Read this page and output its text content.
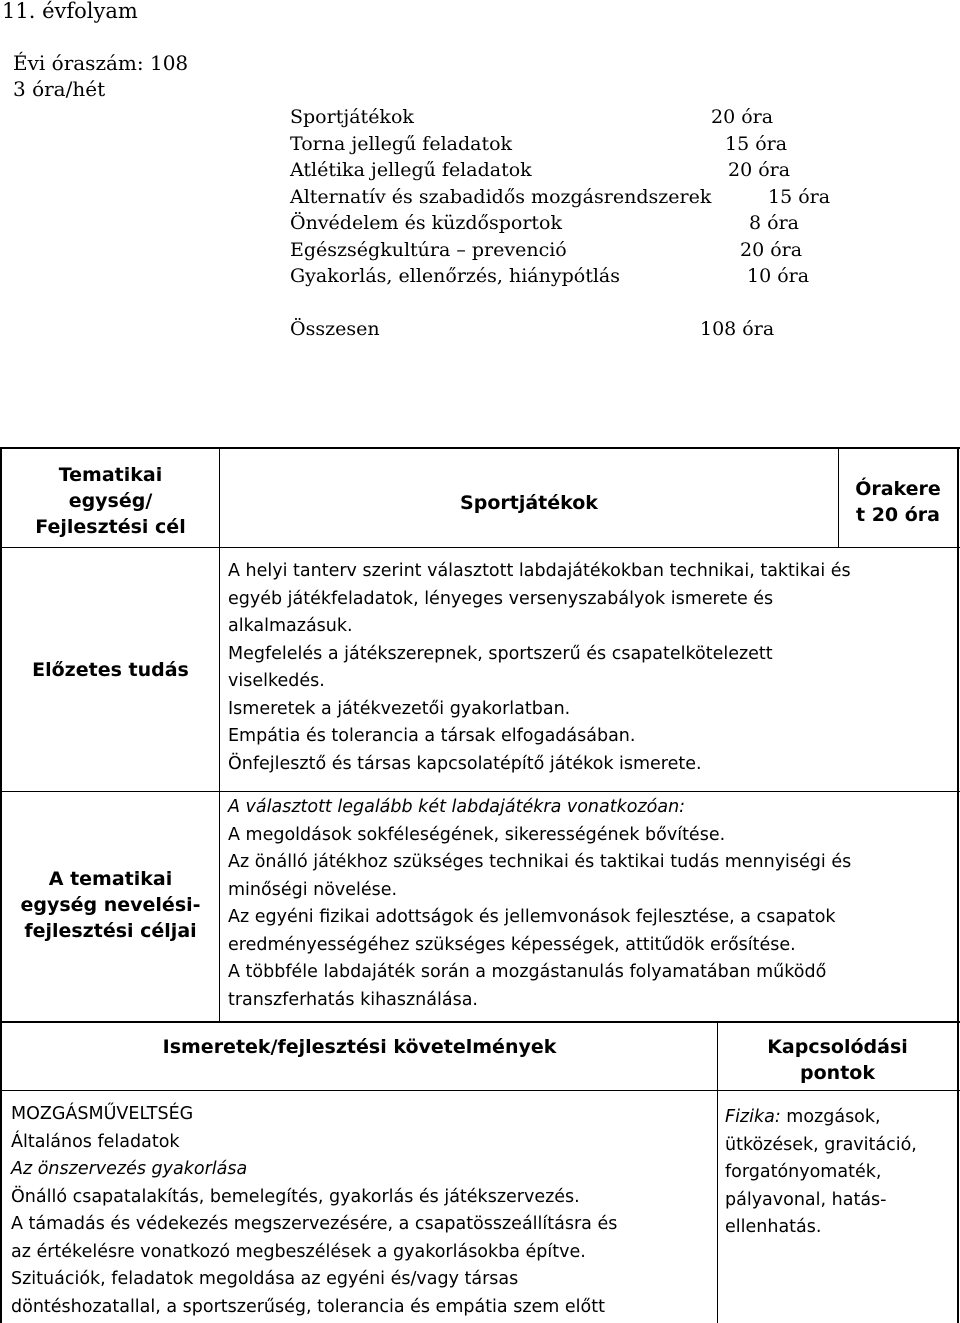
11. évfolyam
Évi óraszám: 108
3 óra/hét
Sportjátékok
Torna jellegű feladatok
Atlétika jellegű feladatok
Alternatív és szabadidős mozgásrendszerek
Önvédelem és küzdősportok
Egészségkultúra – prevenció
Gyakorlás, ellenőrzés, hiánypótlás
20 óra
15 óra
20 óra
15 óra
8 óra
20 óra
10 óra
Összesen	108 óra
Tematikai
egység/
Fejlesztési cél
Sportjátékok
Órakere
t 20 óra
Előzetes tudás
A helyi tanterv szerint választott labdajátékokban technikai, taktikai és
egyéb játékfeladatok, lényeges versenyszabályok ismerete és
alkalmazásuk.
Megfelelés a játékszerepnek, sportszerű és csapatelkötelezett
viselkedés.
Ismeretek a játékvezetői gyakorlatban.
Empátia és tolerancia a társak elfogadásában.
Önfejlesztő és társas kapcsolatépítő játékok ismerete.
A tematikai
egység nevelési-
fejlesztési céljai
A választott legalább két labdajátékra vonatkozóan:
A megoldások sokféleségének, sikerességének bővítése.
Az önálló játékhoz szükséges technikai és taktikai tudás mennyiségi és
minőségi növelése.
Az egyéni fizikai adottságok és jellemvonások fejlesztése, a csapatok
eredményességéhez szükséges képességek, attitűdök erősítése.
A többféle labdajáték során a mozgástanulás folyamatában működő
transzferhatás kihasználása.
Ismeretek/fejlesztési követelmények	Kapcsolódási
pontok
MOZGÁSMŰVELTSÉG
Általános feladatok
Az önszervezés gyakorlása
Önálló csapatalakítás, bemelegítés, gyakorlás és játékszervezés.
A támadás és védekezés megszervezésére, a csapatösszeállításra és
az értékelésre vonatkozó megbeszélések a gyakorlásokba építve.
Szituációk, feladatok megoldása az egyéni és/vagy társas
döntéshozatallal, a sportszerűség, tolerancia és empátia szem előtt
Fizika: mozgások,
ütközések, gravitáció,
forgatónyomaték,
pályavonal, hatás-
ellenhatás.
